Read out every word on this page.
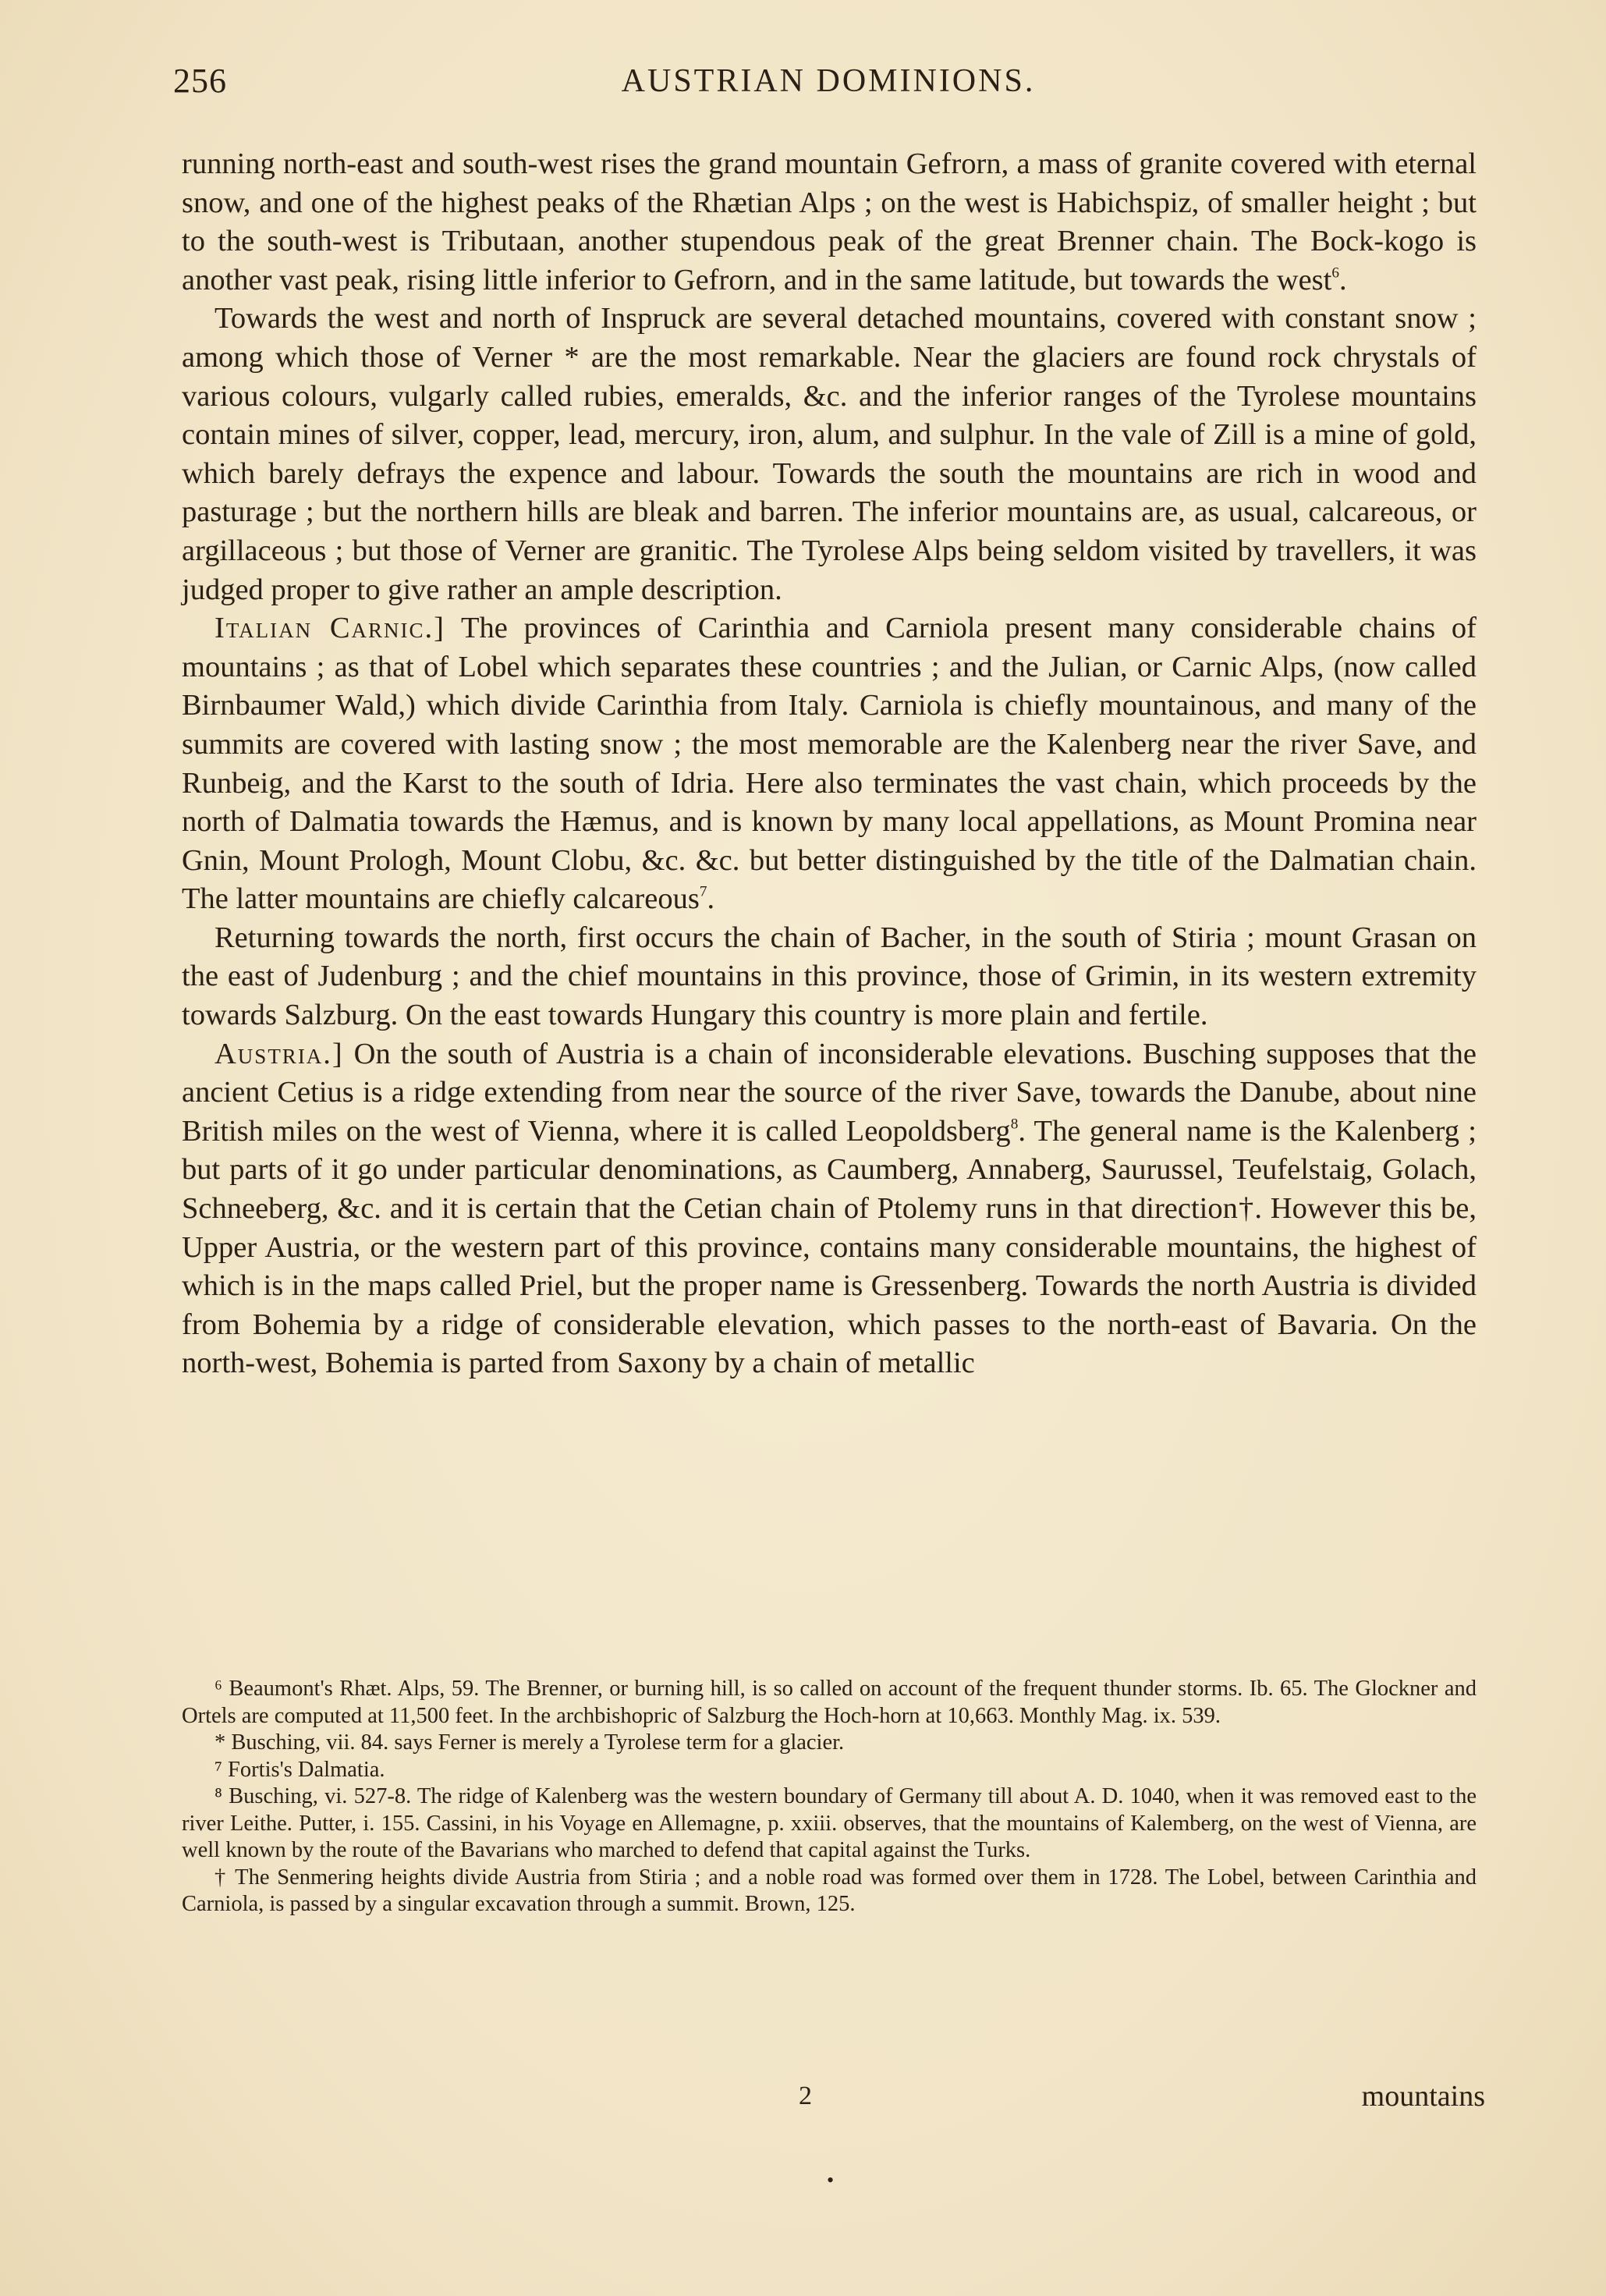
256	AUSTRIAN DOMINIONS.

running north-east and south-west rises the grand mountain Gefrorn, a mass of granite covered with eternal snow, and one of the highest peaks of the Rhætian Alps ; on the west is Habichspiz, of smaller height ; but to the south-west is Tributaan, another stupendous peak of the great Brenner chain. The Bock-kogo is another vast peak, rising little inferior to Gefrorn, and in the same latitude, but towards the west$^6$.

Towards the west and north of Inspruck are several detached mountains, covered with constant snow ; among which those of Verner * are the most remarkable. Near the glaciers are found rock chrystals of various colours, vulgarly called rubies, emeralds, &c. and the inferior ranges of the Tyrolese mountains contain mines of silver, copper, lead, mercury, iron, alum, and sulphur. In the vale of Zill is a mine of gold, which barely defrays the expence and labour. Towards the south the mountains are rich in wood and pasturage ; but the northern hills are bleak and barren. The inferior mountains are, as usual, calcareous, or argillaceous ; but those of Verner are granitic. The Tyrolese Alps being seldom visited by travellers, it was judged proper to give rather an ample description.

Italian Carnic.] The provinces of Carinthia and Carniola present many considerable chains of mountains ; as that of Lobel which separates these countries ; and the Julian, or Carnic Alps, (now called Birnbaumer Wald,) which divide Carinthia from Italy. Carniola is chiefly mountainous, and many of the summits are covered with lasting snow ; the most memorable are the Kalenberg near the river Save, and Runbeig, and the Karst to the south of Idria. Here also terminates the vast chain, which proceeds by the north of Dalmatia towards the Hæmus, and is known by many local appellations, as Mount Promina near Gnin, Mount Prologh, Mount Clobu, &c. &c. but better distinguished by the title of the Dalmatian chain. The latter mountains are chiefly calcareous$^7$.

Returning towards the north, first occurs the chain of Bacher, in the south of Stiria ; mount Grasan on the east of Judenburg ; and the chief mountains in this province, those of Grimin, in its western extremity towards Salzburg. On the east towards Hungary this country is more plain and fertile.

Austria.] On the south of Austria is a chain of inconsiderable elevations. Busching supposes that the ancient Cetius is a ridge extending from near the source of the river Save, towards the Danube, about nine British miles on the west of Vienna, where it is called Leopoldsberg$^8$. The general name is the Kalenberg ; but parts of it go under particular denominations, as Caumberg, Annaberg, Saurussel, Teufelstaig, Golach, Schneeberg, &c. and it is certain that the Cetian chain of Ptolemy runs in that direction†. However this be, Upper Austria, or the western part of this province, contains many considerable mountains, the highest of which is in the maps called Priel, but the proper name is Gressenberg. Towards the north Austria is divided from Bohemia by a ridge of considerable elevation, which passes to the north-east of Bavaria. On the north-west, Bohemia is parted from Saxony by a chain of metallic

⁶ Beaumont's Rhæt. Alps, 59. The Brenner, or burning hill, is so called on account of the frequent thunder storms. Ib. 65. The Glockner and Ortels are computed at 11,500 feet. In the archbishopric of Salzburg the Hoch-horn at 10,663. Monthly Mag. ix. 539.

* Busching, vii. 84. says Ferner is merely a Tyrolese term for a glacier.

⁷ Fortis's Dalmatia.

⁸ Busching, vi. 527-8. The ridge of Kalenberg was the western boundary of Germany till about A. D. 1040, when it was removed east to the river Leithe. Putter, i. 155. Cassini, in his Voyage en Allemagne, p. xxiii. observes, that the mountains of Kalemberg, on the west of Vienna, are well known by the route of the Bavarians who marched to defend that capital against the Turks.

† The Senmering heights divide Austria from Stiria ; and a noble road was formed over them in 1728. The Lobel, between Carinthia and Carniola, is passed by a singular excavation through a summit. Brown, 125.

2	mountains
•
